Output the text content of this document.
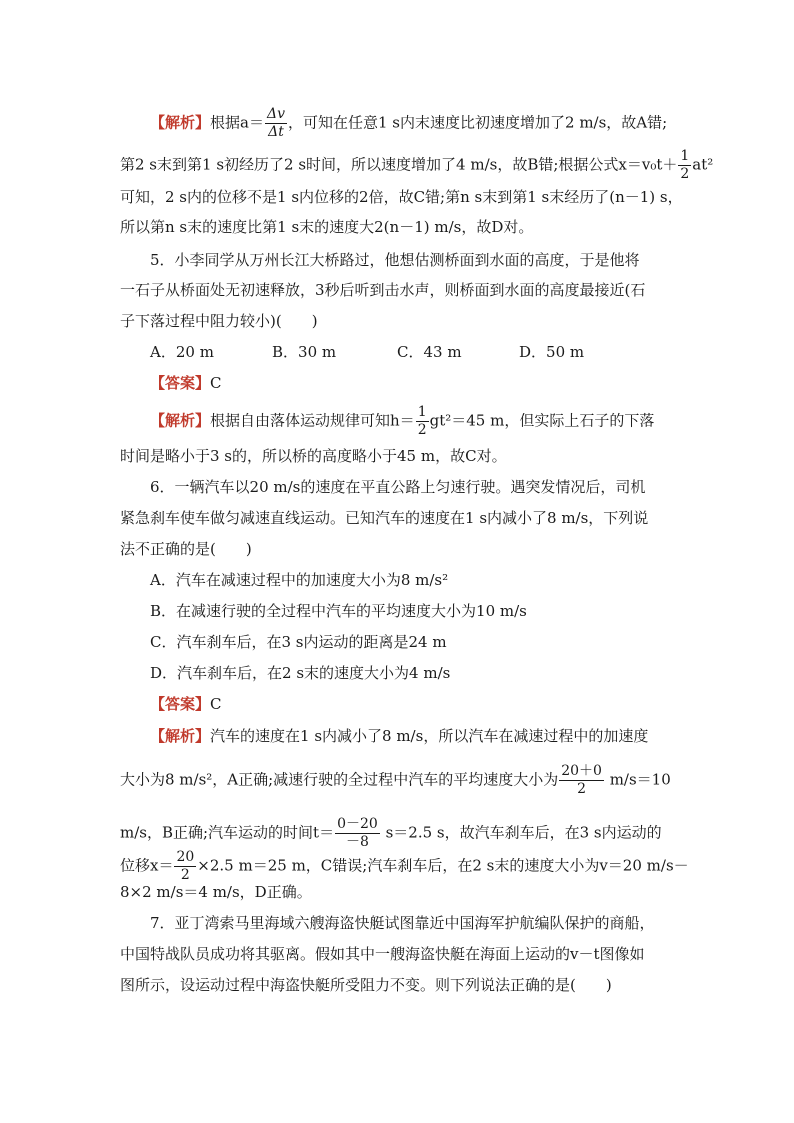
【解析】根据$a= \frac{\Delta v}{\Delta t}$ ，可知在任意1 s内末速度比初速度增加了2 m/s，故A错;
第2 s末到第1 s初经历了2 s时间，所以速度增加了4 m/s，故B错;根据公式$x=v_0t+ \frac{1}{2} at^2$
可知，2 s内的位移不是1 s内位移的2倍，故C错;第n s末到第1 s末经历了(n－1) s，
所以第n s末的速度比第1 s末的速度大2(n－1) m/s，故D对。
5．小李同学从万州长江大桥路过，他想估测桥面到水面的高度，于是他将
一石子从桥面处无初速释放，3秒后听到击水声，则桥面到水面的高度最接近(石
子下落过程中阻力较小)(　　)
A．20 m	B．30 m	C．43 m	D．50 m
【答案】C
【解析】根据自由落体运动规律可知$h= \frac{1}{2} gt^2=45$ m，但实际上石子的下落
时间是略小于3 s的，所以桥的高度略小于45 m，故C对。
6．一辆汽车以20 m/s的速度在平直公路上匀速行驶。遇突发情况后，司机
紧急刹车使车做匀减速直线运动。已知汽车的速度在1 s内减小了8 m/s，下列说
法不正确的是(　　)
A．汽车在减速过程中的加速度大小为8 m/s²
B．在减速行驶的全过程中汽车的平均速度大小为10 m/s
C．汽车刹车后，在3 s内运动的距离是24 m
D．汽车刹车后，在2 s末的速度大小为4 m/s
【答案】C
【解析】汽车的速度在1 s内减小了8 m/s，所以汽车在减速过程中的加速度
大小为8 m/s²，A正确;减速行驶的全过程中汽车的平均速度大小为 $\frac{20+0}{2} m/s=10$
m/s，B正确;汽车运动的时间$t= \frac{0-20}{-8} s=2.5$ s，故汽车刹车后，在3 s内运动的
位移$x= \frac{20}{2} \times 2.5$ m＝25 m，C错误;汽车刹车后，在2 s末的速度大小为v＝20 m/s－
8×2 m/s＝4 m/s，D正确。
7．亚丁湾索马里海域六艘海盗快艇试图靠近中国海军护航编队保护的商船，
中国特战队员成功将其驱离。假如其中一艘海盗快艇在海面上运动的v－t图像如
图所示，设运动过程中海盗快艇所受阻力不变。则下列说法正确的是(　　)
